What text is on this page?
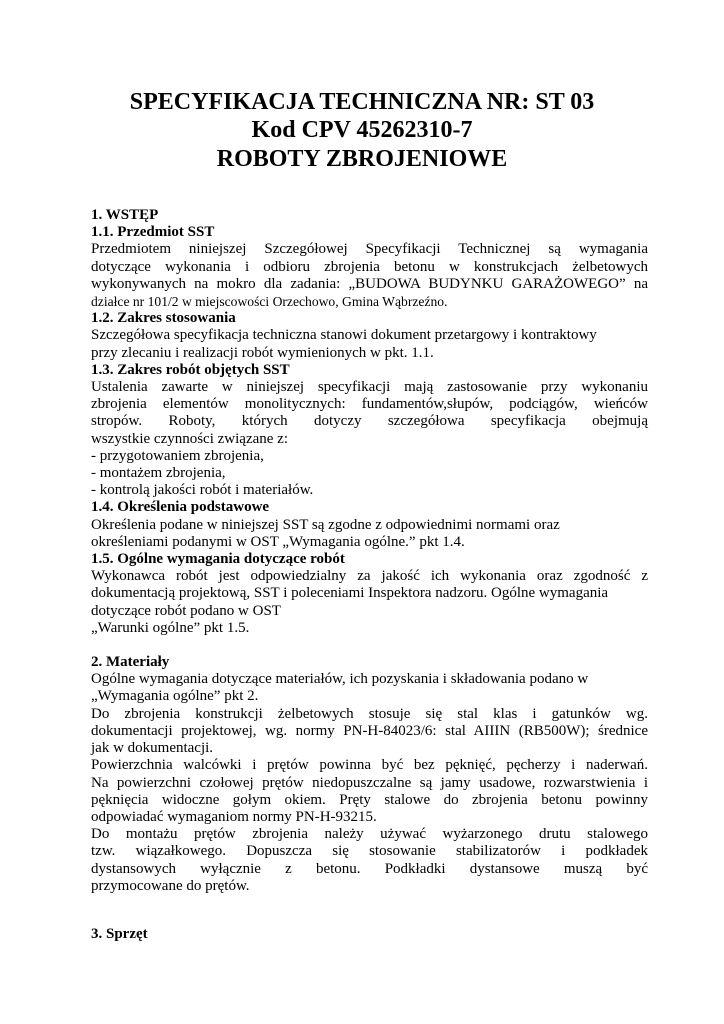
SPECYFIKACJA TECHNICZNA NR: ST 03
Kod CPV 45262310-7
ROBOTY ZBROJENIOWE

1. WSTĘP

1.1. Przedmiot SST

Przedmiotem niniejszej Szczegółowej Specyfikacji Technicznej są wymagania

dotyczące wykonania i odbioru zbrojenia betonu w konstrukcjach żelbetowych

wykonywanych na mokro dla zadania: „BUDOWA BUDYNKU GARAŻOWEGO” na

działce nr 101/2 w miejscowości Orzechowo, Gmina Wąbrzeźno.

1.2. Zakres stosowania

Szczegółowa specyfikacja techniczna stanowi dokument przetargowy i kontraktowy

przy zlecaniu i realizacji robót wymienionych w pkt. 1.1.

1.3. Zakres robót objętych SST

Ustalenia zawarte w niniejszej specyfikacji mają zastosowanie przy wykonaniu

zbrojenia elementów monolitycznych: fundamentów,słupów, podciągów, wieńców

stropów. Roboty, których dotyczy szczegółowa specyfikacja obejmują

wszystkie czynności związane z:

- przygotowaniem zbrojenia,

- montażem zbrojenia,

- kontrolą jakości robót i materiałów.

1.4. Określenia podstawowe

Określenia podane w niniejszej SST są zgodne z odpowiednimi normami oraz

określeniami podanymi w OST „Wymagania ogólne.” pkt 1.4.

1.5. Ogólne wymagania dotyczące robót

Wykonawca robót jest odpowiedzialny za jakość ich wykonania oraz zgodność z

dokumentacją projektową, SST i poleceniami Inspektora nadzoru. Ogólne wymagania

dotyczące robót podano w OST

„Warunki ogólne” pkt 1.5.

2. Materiały

Ogólne wymagania dotyczące materiałów, ich pozyskania i składowania podano w

„Wymagania ogólne” pkt 2.

Do zbrojenia konstrukcji żelbetowych stosuje się stal klas i gatunków wg.

dokumentacji projektowej, wg. normy PN-H-84023/6: stal AIIIN (RB500W); średnice

jak w dokumentacji.

Powierzchnia walcówki i prętów powinna być bez pęknięć, pęcherzy i naderwań.

Na powierzchni czołowej prętów niedopuszczalne są jamy usadowe, rozwarstwienia i

pęknięcia widoczne gołym okiem. Pręty stalowe do zbrojenia betonu powinny

odpowiadać wymaganiom normy PN-H-93215.

Do montażu prętów zbrojenia należy używać wyżarzonego drutu stalowego

tzw. wiązałkowego. Dopuszcza się stosowanie stabilizatorów i podkładek

dystansowych wyłącznie z betonu. Podkładki dystansowe muszą być

przymocowane do prętów.

3. Sprzęt
